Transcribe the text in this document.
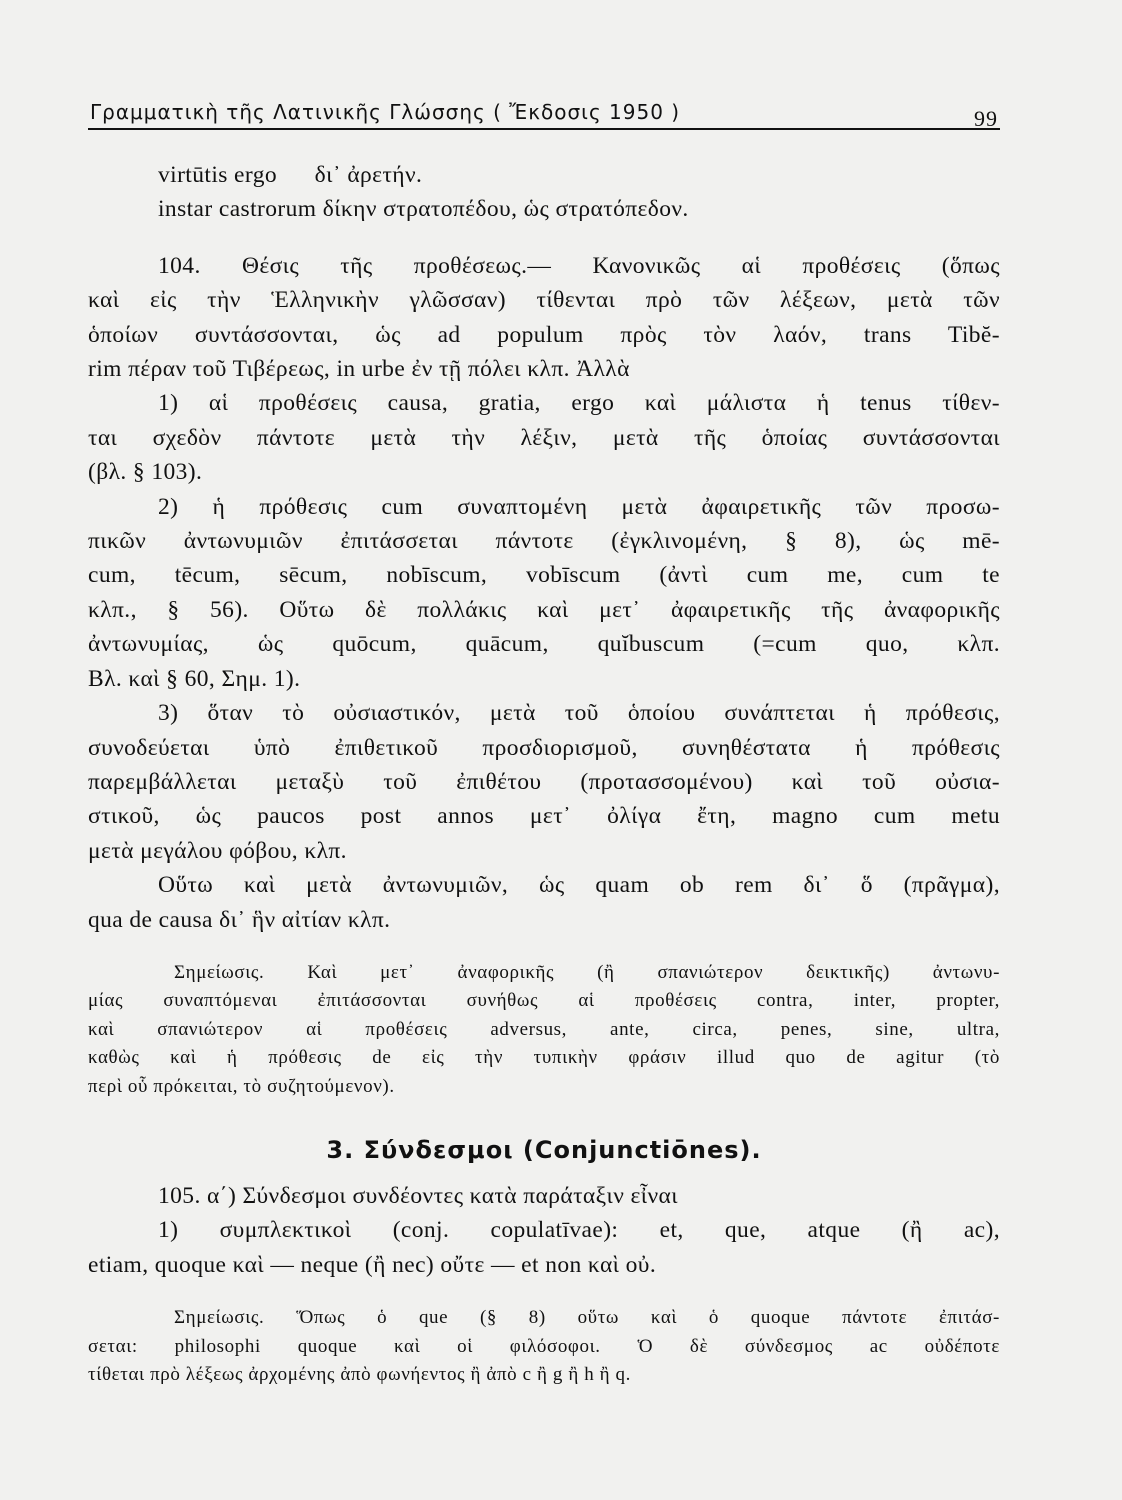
Γραμματικὴ τῆς Λατινικῆς Γλώσσης ( Ἔκδοσις 1950 )	99
virtūtis ergo      δι᾽ ἀρετήν.
instar castrorum δίκην στρατοπέδου, ὡς στρατόπεδον.
104. Θέσις τῆς προθέσεως.— Κανονικῶς αἱ προθέσεις (ὅπως
καὶ εἰς τὴν Ἑλληνικὴν γλῶσσαν) τίθενται πρὸ τῶν λέξεων, μετὰ τῶν
ὁποίων συντάσσονται, ὡς ad populum πρὸς τὸν λαόν, trans Tibĕ-
rim πέραν τοῦ Τιβέρεως, in urbe ἐν τῇ πόλει κλπ. Ἀλλὰ
1) αἱ προθέσεις causa, gratia, ergo καὶ μάλιστα ἡ tenus τίθεν-
ται σχεδὸν πάντοτε μετὰ τὴν λέξιν, μετὰ τῆς ὁποίας συντάσσονται
(βλ. § 103).
2) ἡ πρόθεσις cum συναπτομένη μετὰ ἀφαιρετικῆς τῶν προσω-
πικῶν ἀντωνυμιῶν ἐπιτάσσεται πάντοτε (ἐγκλινομένη, § 8), ὡς mē-
cum, tēcum, sēcum, nobīscum, vobīscum (ἀντὶ cum me, cum te
κλπ., § 56). Οὕτω δὲ πολλάκις καὶ μετ᾽ ἀφαιρετικῆς τῆς ἀναφορικῆς
ἀντωνυμίας, ὡς quōcum, quācum, quĭbuscum (=cum quo, κλπ.
Βλ. καὶ § 60, Σημ. 1).
3) ὅταν τὸ οὐσιαστικόν, μετὰ τοῦ ὁποίου συνάπτεται ἡ πρόθεσις,
συνοδεύεται ὑπὸ ἐπιθετικοῦ προσδιορισμοῦ, συνηθέστατα ἡ πρόθεσις
παρεμβάλλεται μεταξὺ τοῦ ἐπιθέτου (προτασσομένου) καὶ τοῦ οὐσια-
στικοῦ, ὡς paucos post annos μετ᾽ ὀλίγα ἔτη, magno cum metu
μετὰ μεγάλου φόβου, κλπ.
Οὕτω καὶ μετὰ ἀντωνυμιῶν, ὡς quam ob rem δι᾽ ὅ (πρᾶγμα),
qua de causa δι᾽ ἣν αἰτίαν κλπ.
Σημείωσις. Καὶ μετ᾽ ἀναφορικῆς (ἢ σπανιώτερον δεικτικῆς) ἀντωνυ-
μίας συναπτόμεναι ἐπιτάσσονται συνήθως αἱ προθέσεις contra, inter, propter,
καὶ σπανιώτερον αἱ προθέσεις adversus, ante, circa, penes, sine, ultra,
καθὼς καὶ ἡ πρόθεσις de εἰς τὴν τυπικὴν φράσιν illud quo de agitur (τὸ
περὶ οὗ πρόκειται, τὸ συζητούμενον).
3. Σύνδεσμοι (Conjunctiōnes).
105. α΄) Σύνδεσμοι συνδέοντες κατὰ παράταξιν εἶναι
1) συμπλεκτικοὶ (conj. copulatīvae): et, que, atque (ἢ ac),
etiam, quoque καὶ — neque (ἢ nec) οὔτε — et non καὶ οὐ.
Σημείωσις. Ὅπως ὁ que (§ 8) οὕτω καὶ ὁ quoque πάντοτε ἐπιτάσ-
σεται: philosophi quoque καὶ οἱ φιλόσοφοι. Ὁ δὲ σύνδεσμος ac οὐδέποτε
τίθεται πρὸ λέξεως ἀρχομένης ἀπὸ φωνήεντος ἢ ἀπὸ c ἢ g ἢ h ἢ q.
